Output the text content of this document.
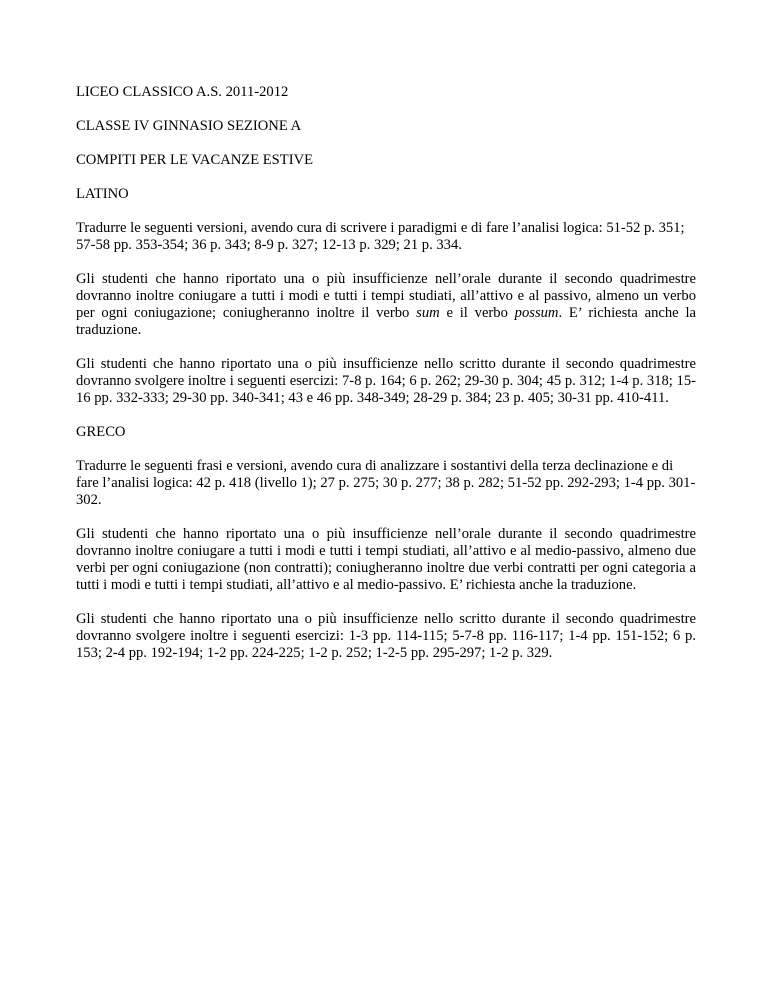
LICEO CLASSICO A.S. 2011-2012
CLASSE IV GINNASIO SEZIONE A
COMPITI PER LE VACANZE ESTIVE
LATINO

Tradurre le seguenti versioni, avendo cura di scrivere i paradigmi e di fare l’analisi logica: 51-52 p. 351; 57-58 pp. 353-354; 36 p. 343; 8-9 p. 327; 12-13 p. 329; 21 p. 334.

Gli studenti che hanno riportato una o più insufficienze nell’orale durante il secondo quadrimestre dovranno inoltre coniugare a tutti i modi e tutti i tempi studiati, all’attivo e al passivo, almeno un verbo per ogni coniugazione; coniugheranno inoltre il verbo sum e il verbo possum. E’ richiesta anche la traduzione.

Gli studenti che hanno riportato una o più insufficienze nello scritto durante il secondo quadrimestre dovranno svolgere inoltre i seguenti esercizi: 7-8 p. 164; 6 p. 262; 29-30 p. 304; 45 p. 312; 1-4 p. 318; 15-16 pp. 332-333; 29-30 pp. 340-341; 43 e 46 pp. 348-349; 28-29 p. 384; 23 p. 405; 30-31 pp. 410-411.

GRECO

Tradurre le seguenti frasi e versioni, avendo cura di analizzare i sostantivi della terza declinazione e di fare l’analisi logica: 42 p. 418 (livello 1); 27 p. 275; 30 p. 277; 38 p. 282; 51-52 pp. 292-293; 1-4 pp. 301-302.

Gli studenti che hanno riportato una o più insufficienze nell’orale durante il secondo quadrimestre dovranno inoltre coniugare a tutti i modi e tutti i tempi studiati, all’attivo e al medio-passivo, almeno due verbi per ogni coniugazione (non contratti); coniugheranno inoltre due verbi contratti per ogni categoria a tutti i modi e tutti i tempi studiati, all’attivo e al medio-passivo. E’ richiesta anche la traduzione.

Gli studenti che hanno riportato una o più insufficienze nello scritto durante il secondo quadrimestre dovranno svolgere inoltre i seguenti esercizi: 1-3 pp. 114-115; 5-7-8 pp. 116-117; 1-4 pp. 151-152; 6 p. 153; 2-4 pp. 192-194; 1-2 pp. 224-225; 1-2 p. 252; 1-2-5 pp. 295-297; 1-2 p. 329.
